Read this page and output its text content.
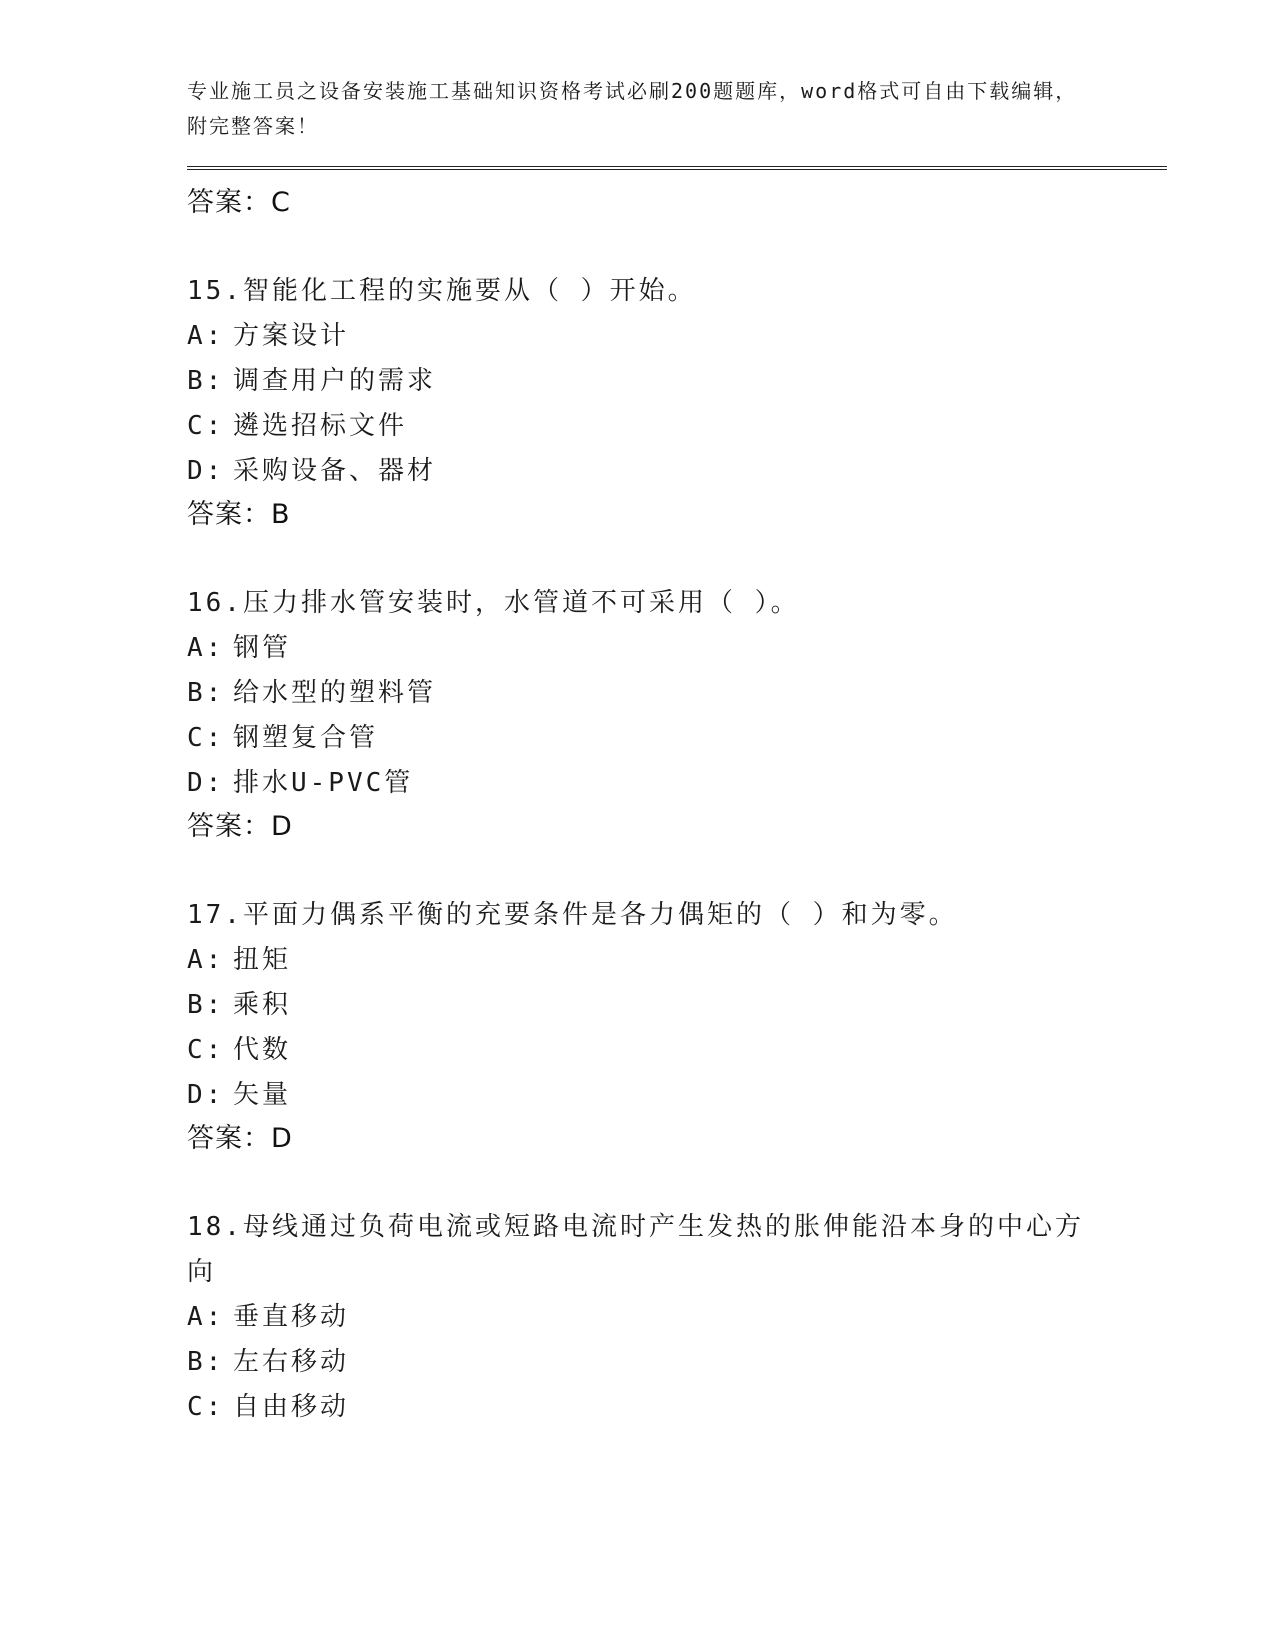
专业施工员之设备安装施工基础知识资格考试必刷200题题库，word格式可自由下载编辑，附完整答案！
答案：C
15.智能化工程的实施要从（ ）开始。
A: 方案设计
B: 调查用户的需求
C: 遴选招标文件
D: 采购设备、器材
答案：B
16.压力排水管安装时，水管道不可采用（ ）。
A: 钢管
B: 给水型的塑料管
C: 钢塑复合管
D: 排水U-PVC管
答案：D
17.平面力偶系平衡的充要条件是各力偶矩的（ ）和为零。
A: 扭矩
B: 乘积
C: 代数
D: 矢量
答案：D
18.母线通过负荷电流或短路电流时产生发热的胀伸能沿本身的中心方向
A: 垂直移动
B: 左右移动
C: 自由移动
